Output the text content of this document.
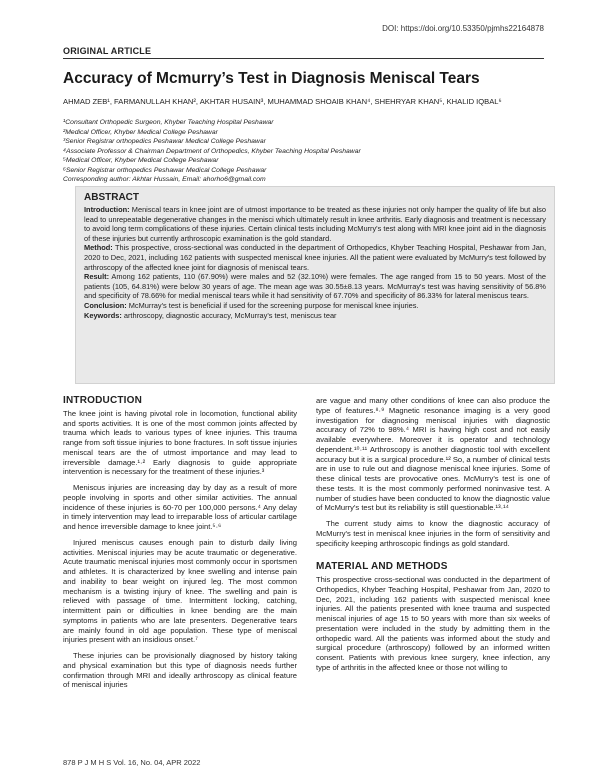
DOI: https://doi.org/10.53350/pjmhs22164878
ORIGINAL ARTICLE
Accuracy of Mcmurry’s Test in Diagnosis Meniscal Tears
AHMAD ZEB¹, FARMANULLAH KHAN², AKHTAR HUSAIN³, MUHAMMAD SHOAIB KHAN⁴, SHEHRYAR KHAN⁵, KHALID IQBAL⁶
¹Consultant Orthopedic Surgeon, Khyber Teaching Hospital Peshawar
²Medical Officer, Khyber Medical College Peshawar
³Senior Registrar orthopedics Peshawar Medical College Peshawar
⁴Associate Professor & Chairman Department of Orthopedics, Khyber Teaching Hospital Peshawar
⁵Medical Officer, Khyber Medical College Peshawar
⁶Senior Registrar orthopedics Peshawar Medical College Peshawar
Corresponding author: Akhtar Hussain, Email: ahorho6@gmail.com
ABSTRACT

Introduction: Meniscal tears in knee joint are of utmost importance to be treated as these injuries not only hamper the quality of life but also lead to unrepeatable degenerative changes in the menisci which ultimately result in knee arthritis. Early diagnosis and treatment is necessary to avoid long term complications of these injuries. Certain clinical tests including McMurry's test along with MRI knee joint aid in the diagnosis of these injuries but currently arthroscopic examination is the gold standard.

Method: This prospective, cross-sectional was conducted in the department of Orthopedics, Khyber Teaching Hospital, Peshawar from Jan, 2020 to Dec, 2021, including 162 patients with suspected meniscal knee injuries. All the patient were evaluated by McMurry's test followed by arthroscopy of the affected knee joint for diagnosis of meniscal tears.

Result: Among 162 patients, 110 (67.90%) were males and 52 (32.10%) were females. The age ranged from 15 to 50 years. Most of the patients (105, 64.81%) were below 30 years of age. The mean age was 30.55±8.13 years. McMurray's test was having sensitivity of 56.8% and specificity of 78.66% for medial meniscal tears while it had sensitivity of 67.70% and specificity of 86.33% for lateral meniscus tears.

Conclusion: McMurray's test is beneficial if used for the screening purpose for meniscal knee injuries.

Keywords: arthroscopy, diagnostic accuracy, McMurray's test, meniscus tear

INTRODUCTION

The knee joint is having pivotal role in locomotion, functional ability and sports activities. It is one of the most common joints affected by trauma which leads to various types of knee injuries. This trauma range from soft tissue injuries to bone fractures. In soft tissue injuries meniscal tears are the of utmost importance and may lead to irreversible damage.¹·² Early diagnosis to guide appropriate intervention is necessary for the treatment of these injuries.³

Meniscus injuries are increasing day by day as a result of more people involving in sports and other similar activities. The annual incidence of these injuries is 60-70 per 100,000 persons.⁴ Any delay in timely intervention may lead to irreparable loss of articular cartilage and hence irreversible damage to knee joint.⁵·⁶

Injured meniscus causes enough pain to disturb daily living activities. Meniscal injuries may be acute traumatic or degenerative. Acute traumatic meniscal injuries most commonly occur in sportsmen and athletes. It is characterized by knee swelling and intense pain and inability to bear weight on injured leg. The most common mechanism is a twisting injury of knee. The swelling and pain is relieved with passage of time. Intermittent locking, catching, intermittent pain or difficulties in knee bending are the main symptoms in patients who are late presenters. Degenerative tears are mainly found in old age population. These type of meniscal injuries present with an insidious onset.⁷

These injuries can be provisionally diagnosed by history taking and physical examination but this type of diagnosis needs further confirmation through MRI and ideally arthroscopy as clinical feature of meniscal injuries

are vague and many other conditions of knee can also produce the type of features.⁸·⁹ Magnetic resonance imaging is a very good investigation for diagnosing meniscal injuries with diagnostic accuracy of 72% to 98%.⁴ MRI is having high cost and not easily available everywhere. Moreover it is operator and technology dependent.¹⁰·¹¹ Arthroscopy is another diagnostic tool with excellent accuracy but it is a surgical procedure.¹² So, a number of clinical tests are in use to rule out and diagnose meniscal knee injuries. Some of these clinical tests are provocative ones. McMurry's test is one of these tests. It is the most commonly performed noninvasive test. A number of studies have been conducted to know the diagnostic value of McMurry's test but its reliability is still questionable.¹³·¹⁴

The current study aims to know the diagnostic accuracy of McMurry's test in meniscal knee injuries in the form of sensitivity and specificity keeping arthroscopic findings as gold standard.

MATERIAL AND METHODS

This prospective cross-sectional was conducted in the department of Orthopedics, Khyber Teaching Hospital, Peshawar from Jan, 2020 to Dec, 2021, including 162 patients with suspected meniscal knee injuries. All the patients presented with knee trauma and suspected meniscal injuries of age 15 to 50 years with more than six weeks of presentation were included in the study by admitting them in the orthopedic ward. All the patients was informed about the study and surgical procedure (arthroscopy) followed by an informed written consent. Patients with previous knee surgery, knee infection, any type of arthritis in the affected knee or those not willing to

878 P J M H S Vol. 16, No. 04, APR 2022
